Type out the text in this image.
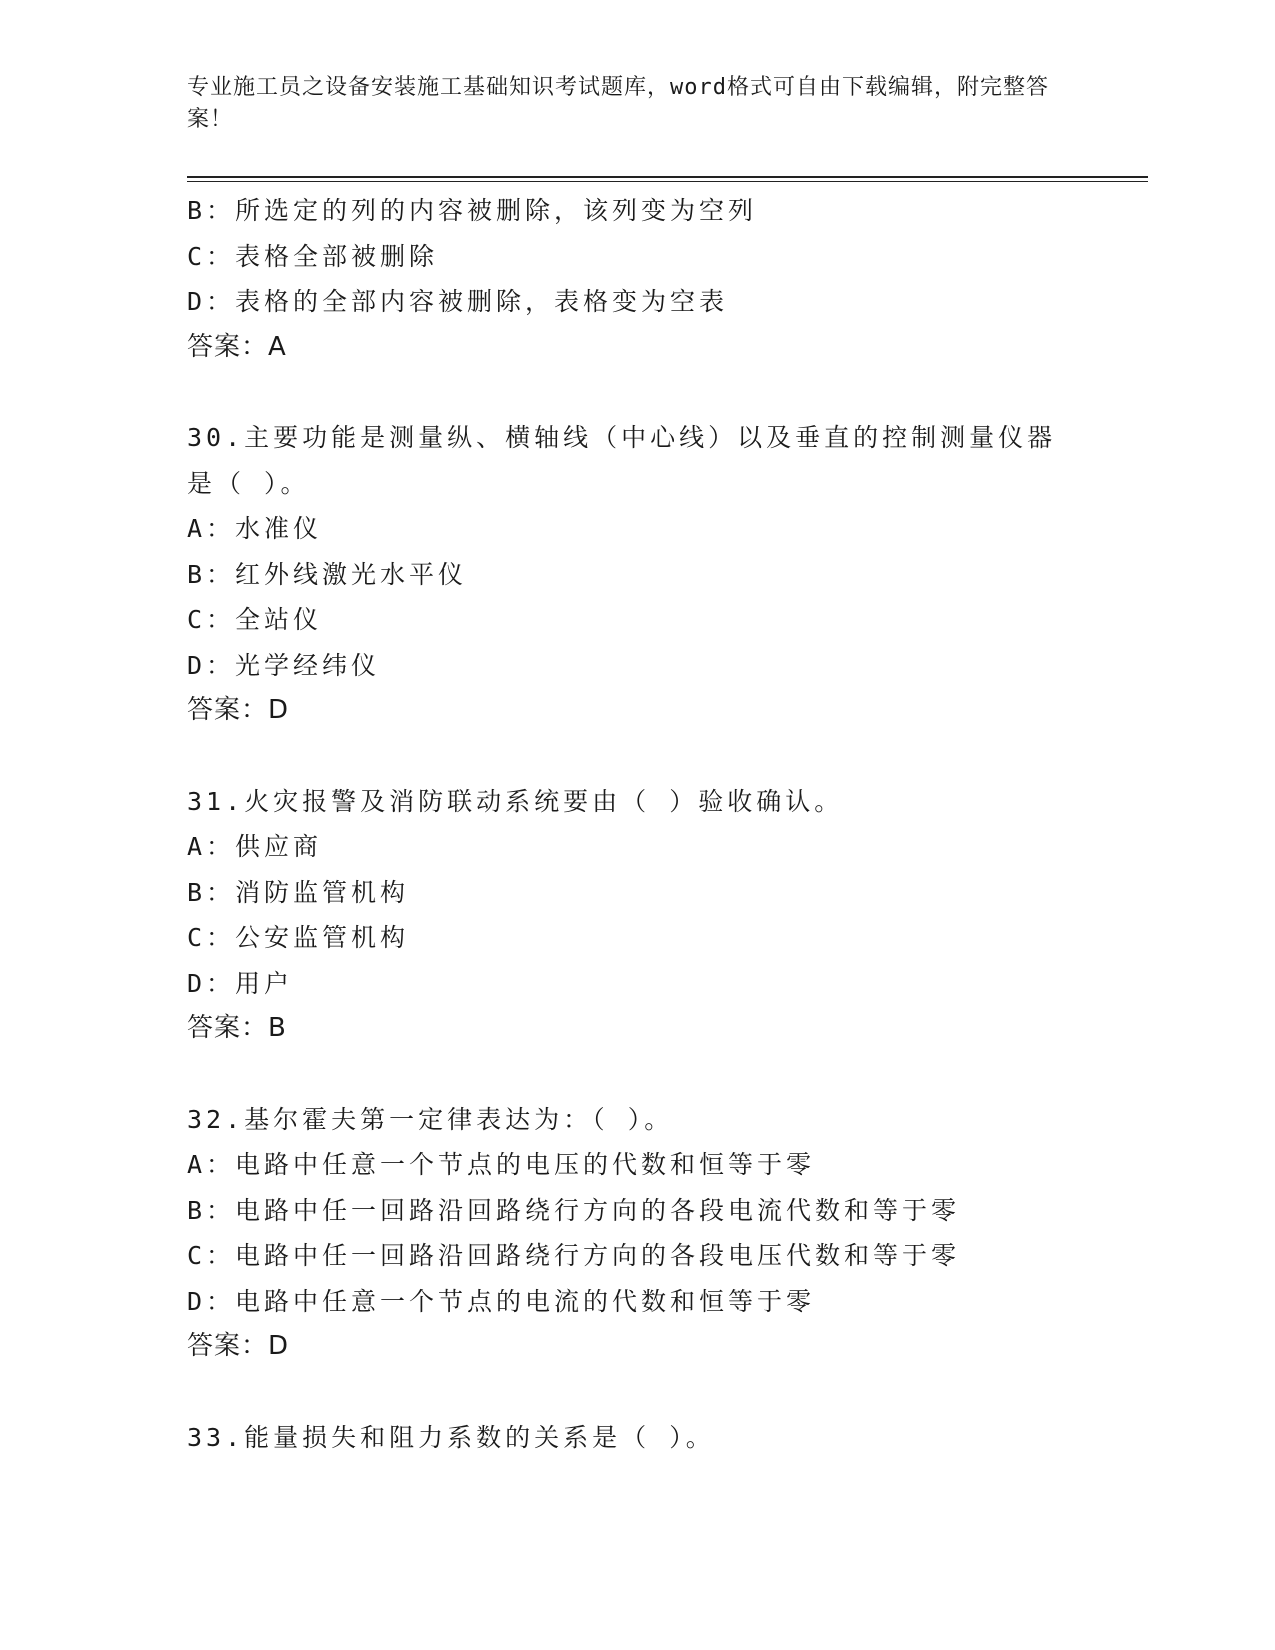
专业施工员之设备安装施工基础知识考试题库，word格式可自由下载编辑，附完整答案！
B：所选定的列的内容被删除，该列变为空列
C：表格全部被删除
D：表格的全部内容被删除，表格变为空表
答案：A
30.主要功能是测量纵、横轴线（中心线）以及垂直的控制测量仪器是（ ）。
A：水准仪
B：红外线激光水平仪
C：全站仪
D：光学经纬仪
答案：D
31.火灾报警及消防联动系统要由（ ）验收确认。
A：供应商
B：消防监管机构
C：公安监管机构
D：用户
答案：B
32.基尔霍夫第一定律表达为：（ ）。
A：电路中任意一个节点的电压的代数和恒等于零
B：电路中任一回路沿回路绕行方向的各段电流代数和等于零
C：电路中任一回路沿回路绕行方向的各段电压代数和等于零
D：电路中任意一个节点的电流的代数和恒等于零
答案：D
33.能量损失和阻力系数的关系是（ ）。
